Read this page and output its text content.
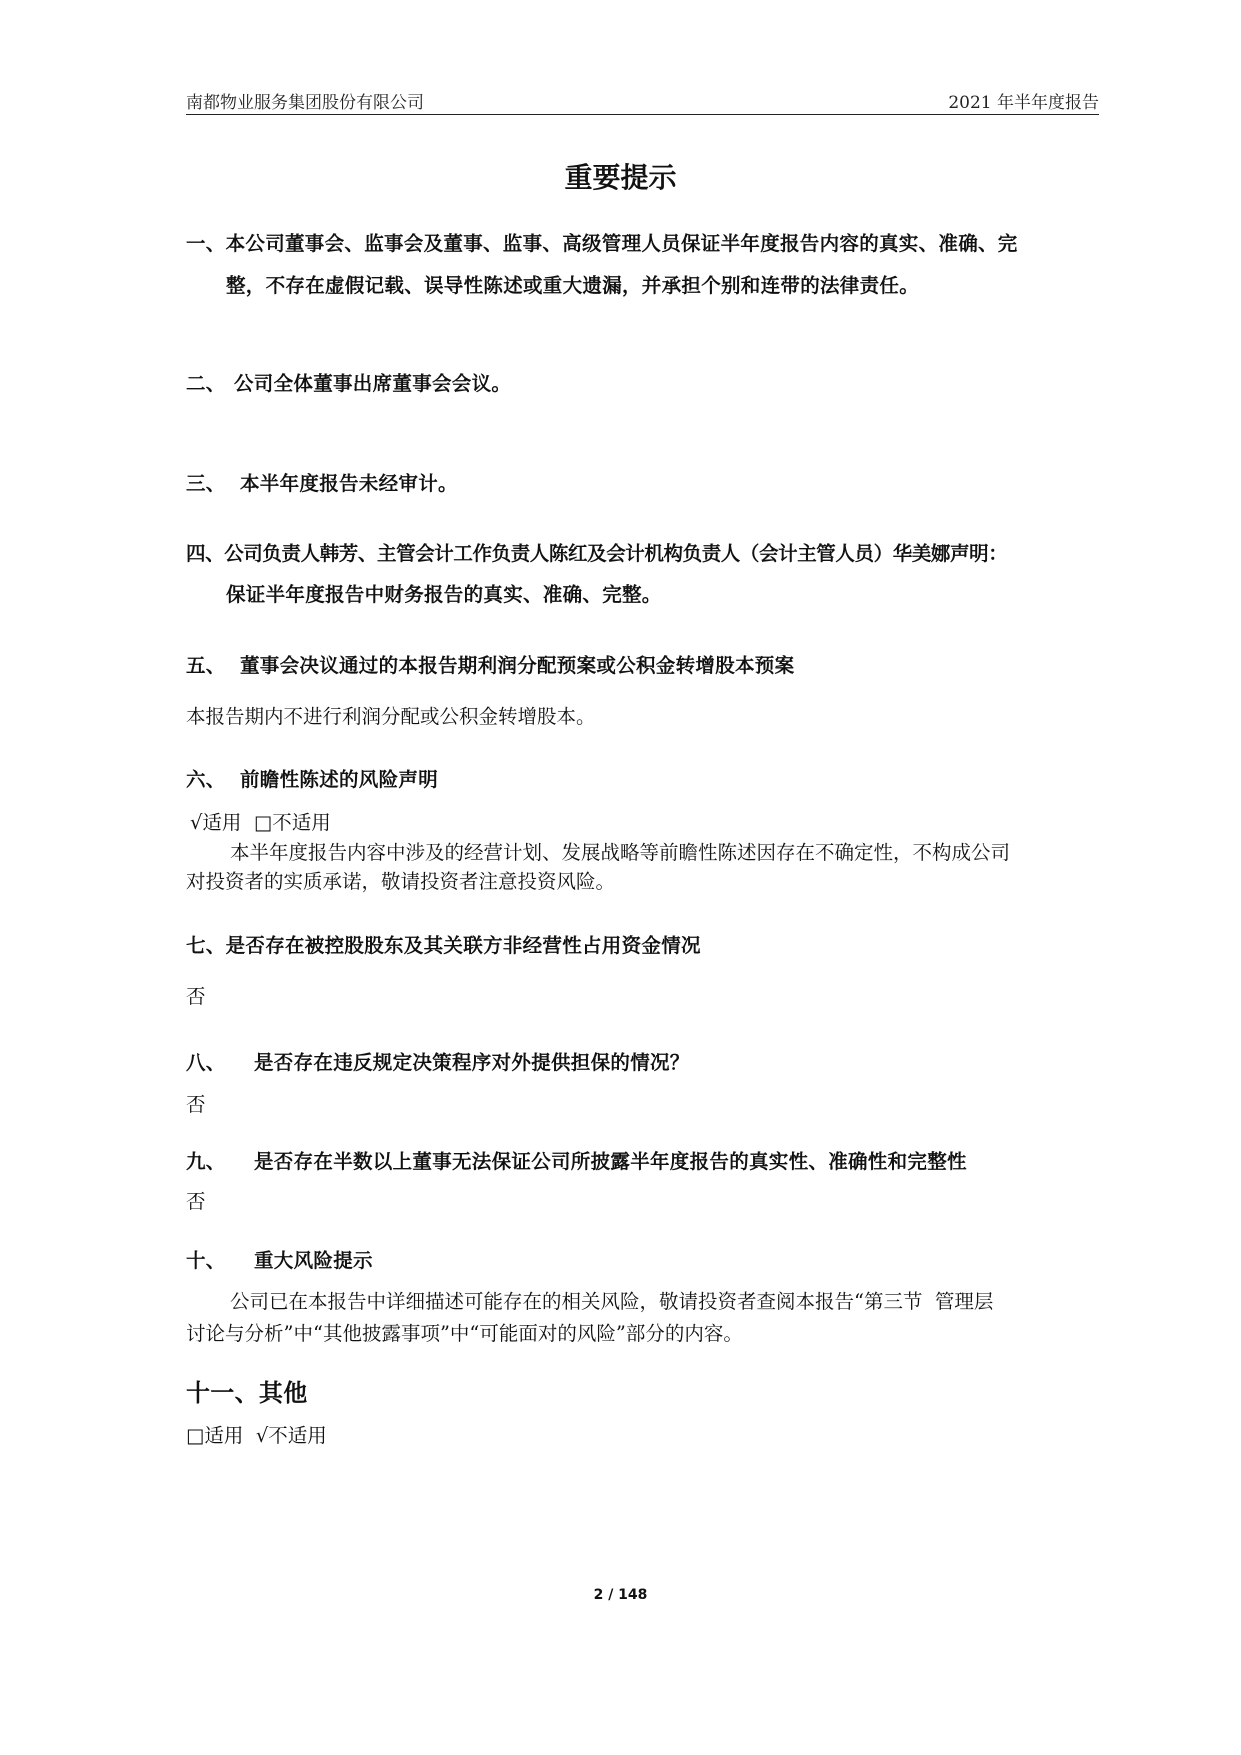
南都物业服务集团股份有限公司	2021 年半年度报告
重要提示
一、本公司董事会、监事会及董事、监事、高级管理人员保证半年度报告内容的真实、准确、完
整，不存在虚假记载、误导性陈述或重大遗漏，并承担个别和连带的法律责任。
二、 公司全体董事出席董事会会议。
三、 本半年度报告未经审计。
四、公司负责人韩芳、主管会计工作负责人陈红及会计机构负责人（会计主管人员）华美娜声明：
保证半年度报告中财务报告的真实、准确、完整。
五、 董事会决议通过的本报告期利润分配预案或公积金转增股本预案
本报告期内不进行利润分配或公积金转增股本。
六、 前瞻性陈述的风险声明
√适用  □不适用
本半年度报告内容中涉及的经营计划、发展战略等前瞻性陈述因存在不确定性，不构成公司
对投资者的实质承诺，敬请投资者注意投资风险。
七、是否存在被控股股东及其关联方非经营性占用资金情况
否
八、 是否存在违反规定决策程序对外提供担保的情况？
否
九、 是否存在半数以上董事无法保证公司所披露半年度报告的真实性、准确性和完整性
否
十、 重大风险提示
公司已在本报告中详细描述可能存在的相关风险，敬请投资者查阅本报告“第三节  管理层
讨论与分析”中“其他披露事项”中“可能面对的风险”部分的内容。
十一、其他
□适用  √不适用
2 / 148
